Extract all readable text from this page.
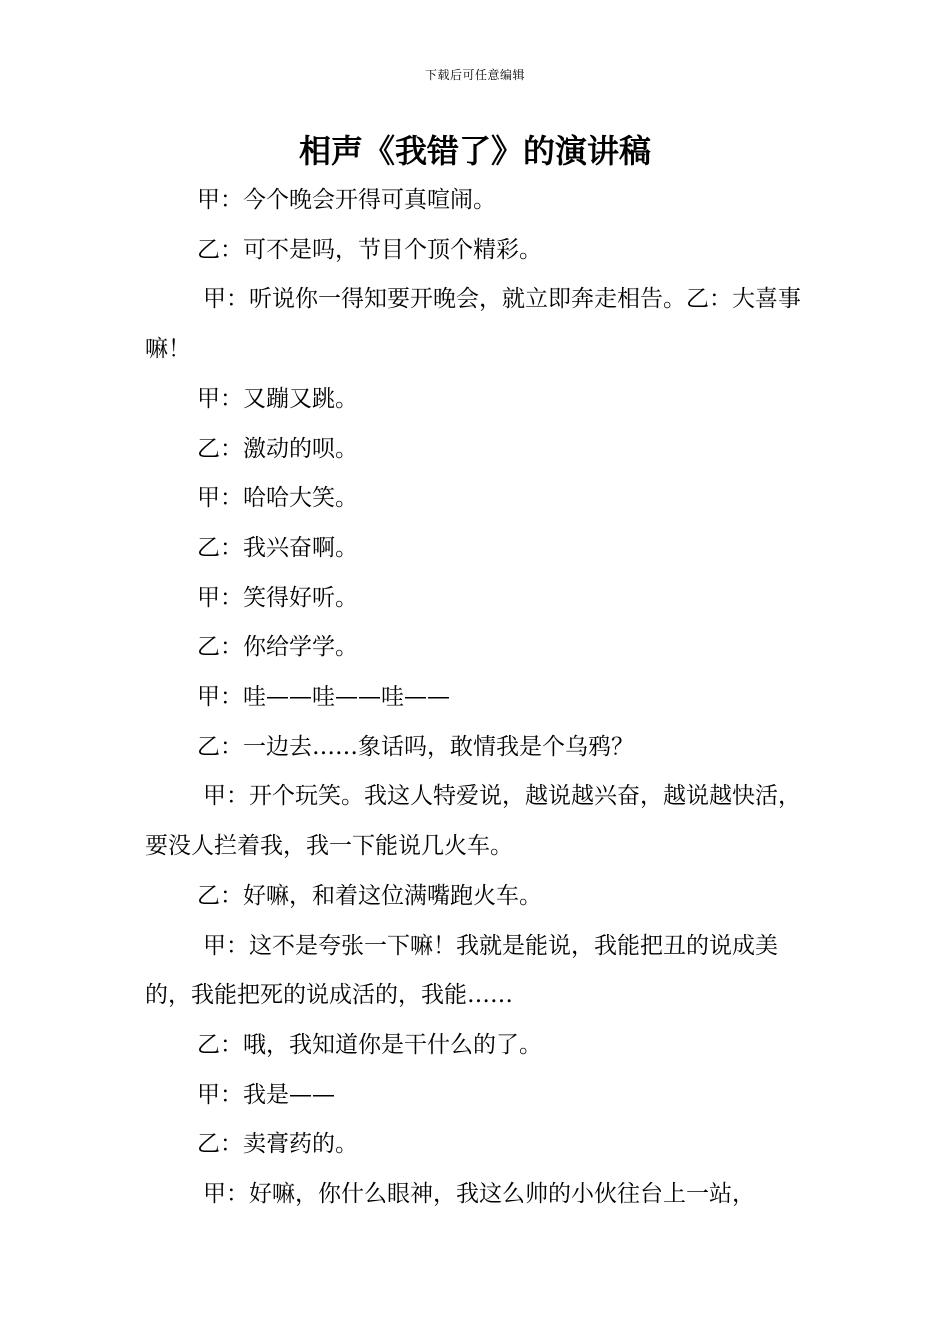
下载后可任意编辑
相声《我错了》的演讲稿

甲：今个晚会开得可真喧闹。

乙：可不是吗，节目个顶个精彩。

甲：听说你一得知要开晚会，就立即奔走相告。乙：大喜事嘛！

甲：又蹦又跳。

乙：激动的呗。

甲：哈哈大笑。

乙：我兴奋啊。

甲：笑得好听。

乙：你给学学。

甲：哇——哇——哇——

乙：一边去……象话吗，敢情我是个乌鸦？

甲：开个玩笑。我这人特爱说，越说越兴奋，越说越快活，要没人拦着我，我一下能说几火车。

乙：好嘛，和着这位满嘴跑火车。

甲：这不是夸张一下嘛！我就是能说，我能把丑的说成美的，我能把死的说成活的，我能……

乙：哦，我知道你是干什么的了。

甲：我是——

乙：卖膏药的。

甲：好嘛，你什么眼神，我这么帅的小伙往台上一站，
